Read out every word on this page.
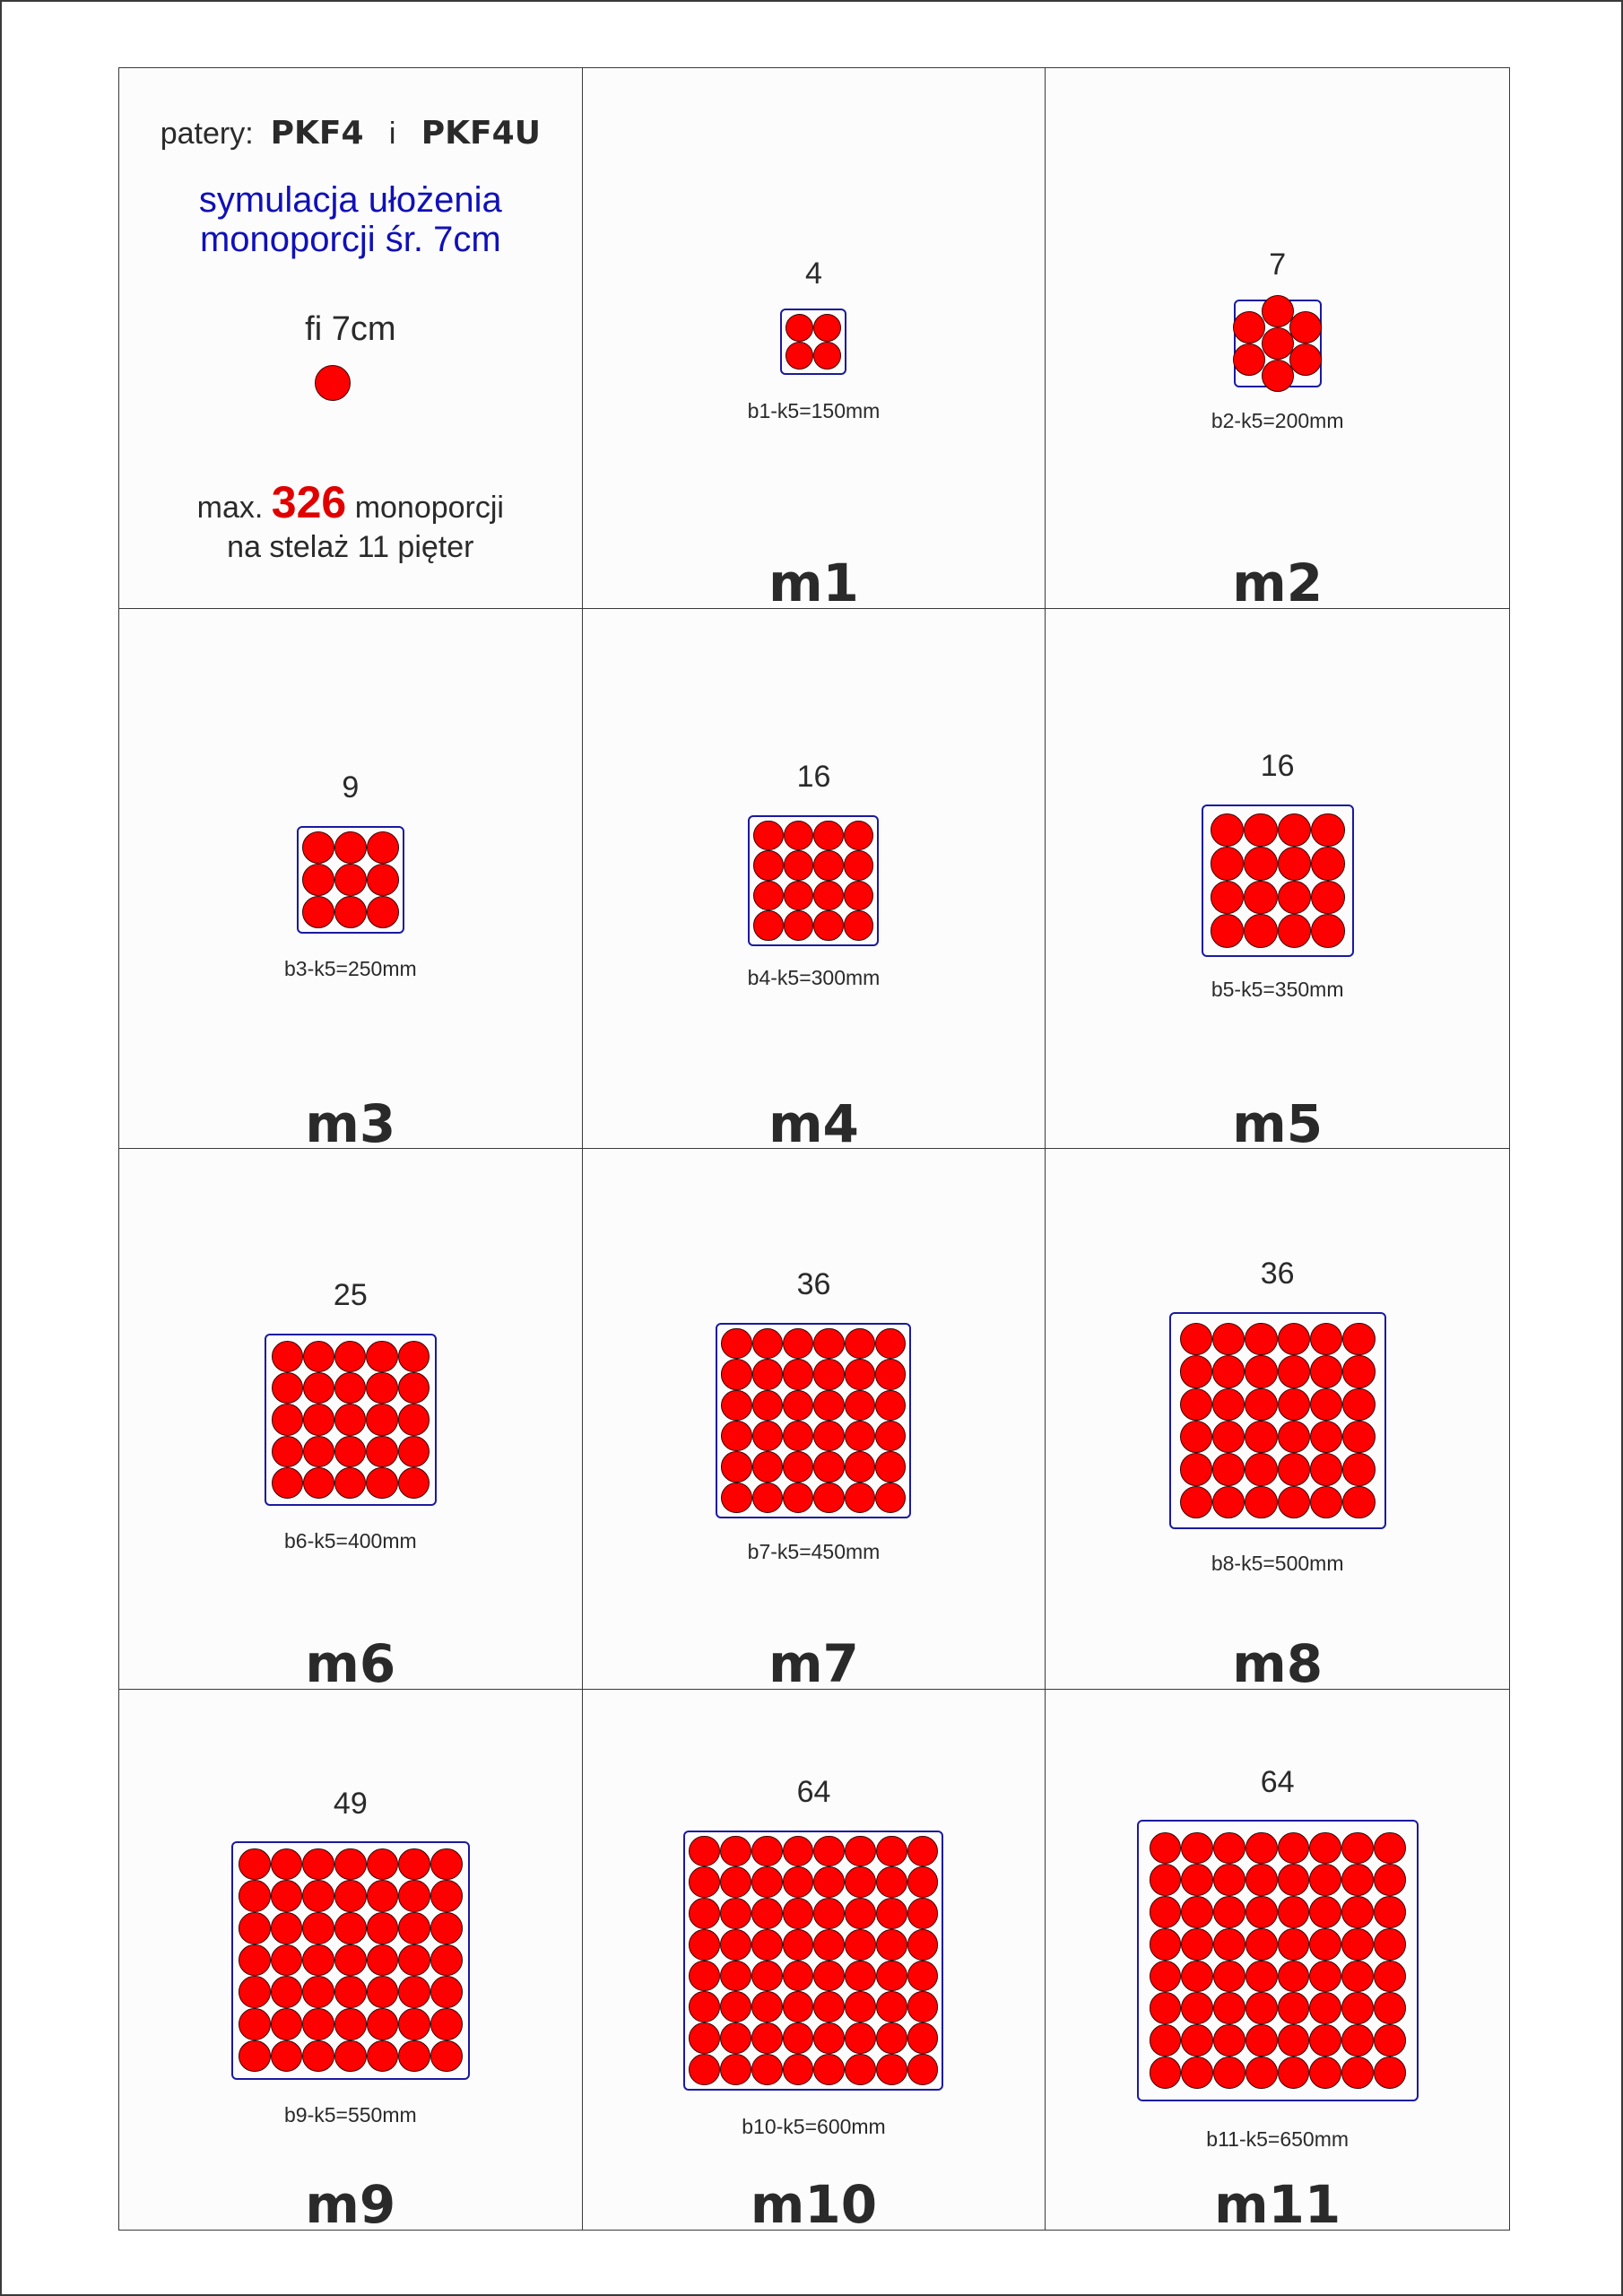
patery: PKF4 i PKF4U
symulacja ułożenia
monoporcji śr. 7cm
fi 7cm
max. 326 monoporcji
na stelaż 11 pięter
4
b1-k5=150mm
m1
7
b2-k5=200mm
m2
9
b3-k5=250mm
m3
16
b4-k5=300mm
m4
16
b5-k5=350mm
m5
25
b6-k5=400mm
m6
36
b7-k5=450mm
m7
36
b8-k5=500mm
m8
49
b9-k5=550mm
m9
64
b10-k5=600mm
m10
64
b11-k5=650mm
m11
